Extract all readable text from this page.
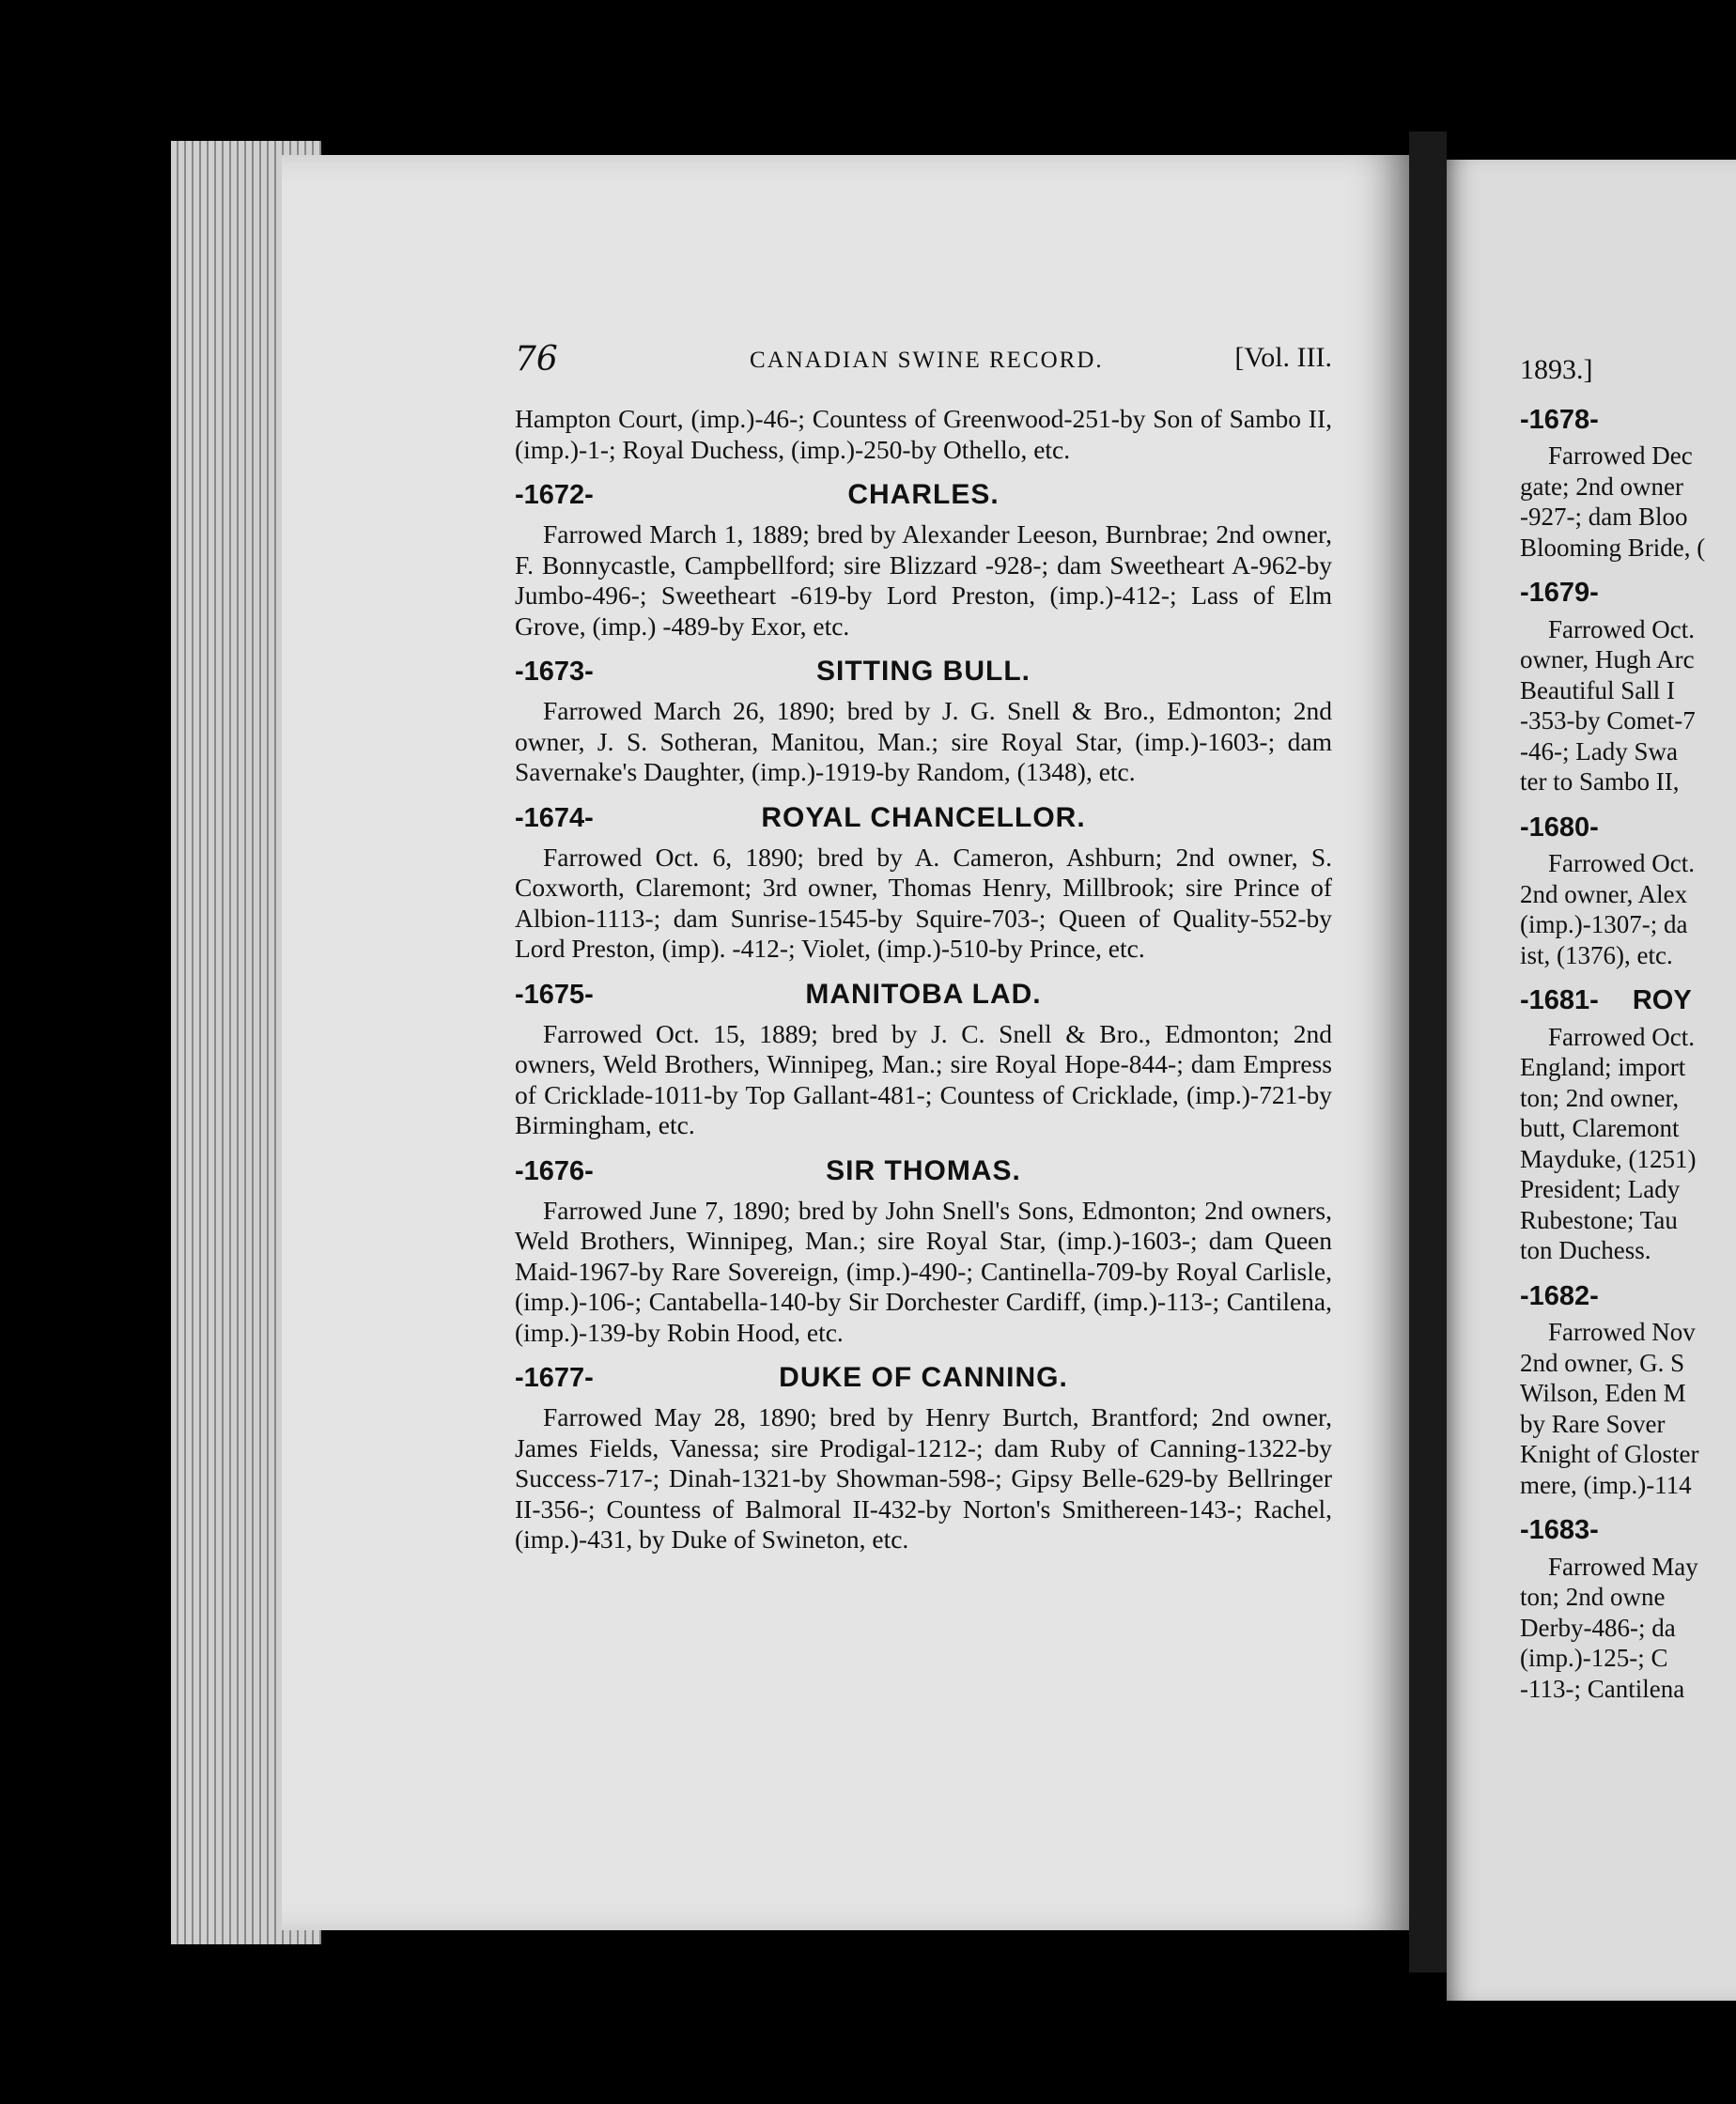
76	CANADIAN SWINE RECORD.	[Vol. III.

Hampton Court, (imp.)-46-; Countess of Greenwood-251-by Son of Sambo II, (imp.)-1-; Royal Duchess, (imp.)-250-by Othello, etc.

-1672-	CHARLES.

Farrowed March 1, 1889; bred by Alexander Leeson, Burnbrae; 2nd owner, F. Bonnycastle, Campbellford; sire Blizzard -928-; dam Sweetheart A-962-by Jumbo-496-; Sweetheart -619-by Lord Preston, (imp.)-412-; Lass of Elm Grove, (imp.) -489-by Exor, etc.

-1673-	SITTING BULL.

Farrowed March 26, 1890; bred by J. G. Snell & Bro., Edmonton; 2nd owner, J. S. Sotheran, Manitou, Man.; sire Royal Star, (imp.)-1603-; dam Savernake's Daughter, (imp.)-1919-by Random, (1348), etc.

-1674-	ROYAL CHANCELLOR.

Farrowed Oct. 6, 1890; bred by A. Cameron, Ashburn; 2nd owner, S. Coxworth, Claremont; 3rd owner, Thomas Henry, Millbrook; sire Prince of Albion-1113-; dam Sunrise-1545-by Squire-703-; Queen of Quality-552-by Lord Preston, (imp). -412-; Violet, (imp.)-510-by Prince, etc.

-1675-	MANITOBA LAD.

Farrowed Oct. 15, 1889; bred by J. C. Snell & Bro., Edmonton; 2nd owners, Weld Brothers, Winnipeg, Man.; sire Royal Hope-844-; dam Empress of Cricklade-1011-by Top Gallant-481-; Countess of Cricklade, (imp.)-721-by Birmingham, etc.

-1676-	SIR THOMAS.

Farrowed June 7, 1890; bred by John Snell's Sons, Edmonton; 2nd owners, Weld Brothers, Winnipeg, Man.; sire Royal Star, (imp.)-1603-; dam Queen Maid-1967-by Rare Sovereign, (imp.)-490-; Cantinella-709-by Royal Carlisle, (imp.)-106-; Cantabella-140-by Sir Dorchester Cardiff, (imp.)-113-; Cantilena, (imp.)-139-by Robin Hood, etc.

-1677-	DUKE OF CANNING.

Farrowed May 28, 1890; bred by Henry Burtch, Brantford; 2nd owner, James Fields, Vanessa; sire Prodigal-1212-; dam Ruby of Canning-1322-by Success-717-; Dinah-1321-by Showman-598-; Gipsy Belle-629-by Bellringer II-356-; Countess of Balmoral II-432-by Norton's Smithereen-143-; Rachel, (imp.)-431, by Duke of Swineton, etc.

1893.]
-1678-
Farrowed Dec
gate; 2nd owner
-927-; dam Bloo
Blooming Bride, (
-1679-
Farrowed Oct.
owner, Hugh Arc
Beautiful Sall I
-353-by Comet-7
-46-; Lady Swa
ter to Sambo II,
-1680-
Farrowed Oct.
2nd owner, Alex
(imp.)-1307-; da
ist, (1376), etc.
-1681- ROY
Farrowed Oct.
England; import
ton; 2nd owner,
butt, Claremont
Mayduke, (1251)
President; Lady
Rubestone; Tau
ton Duchess.
-1682-
Farrowed Nov
2nd owner, G. S
Wilson, Eden M
by Rare Sover
Knight of Gloster
mere, (imp.)-114
-1683-
Farrowed May
ton; 2nd owne
Derby-486-; da
(imp.)-125-; C
-113-; Cantilena
